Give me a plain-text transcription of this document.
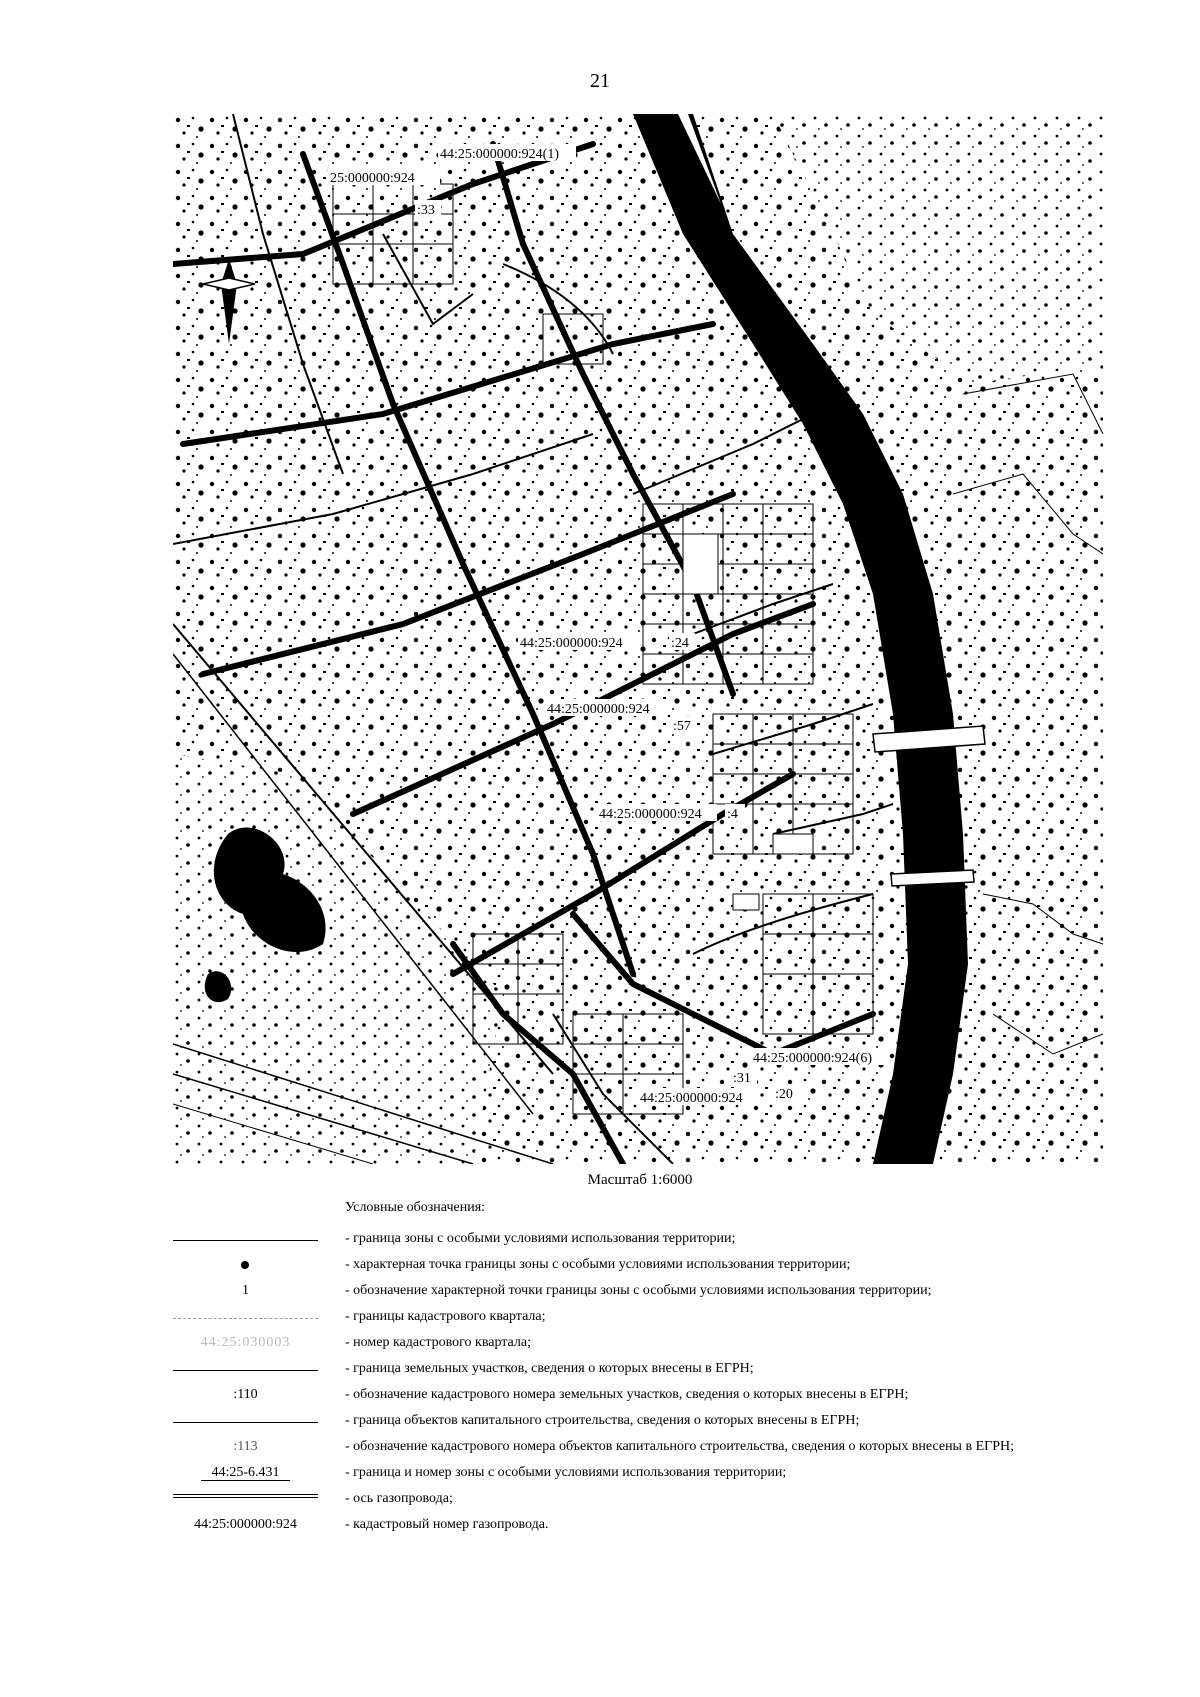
21
44:25:000000:924(1)
25:000000:924
:33
44:25:000000:924	:24
44:25:000000:924
:57
44:25:000000:924 :4
44:25:000000:924(6)
:31
44:25:000000:924 :20
Масштаб 1:6000
Условные обозначения:
- граница зоны с особыми условиями использования территории;
- характерная точка границы зоны с особыми условиями использования территории;
1	- обозначение характерной точки границы зоны с особыми условиями использования территории;
- границы кадастрового квартала;
44:25:030003	- номер кадастрового квартала;
- граница земельных участков, сведения о которых внесены в ЕГРН;
:110	- обозначение кадастрового номера земельных участков, сведения о которых внесены в ЕГРН;
- граница объектов капитального строительства, сведения о которых внесены в ЕГРН;
:113	- обозначение кадастрового номера объектов капитального строительства, сведения о которых внесены в ЕГРН;
44:25-6.431	- граница и номер зоны с особыми условиями использования территории;
- ось газопровода;
44:25:000000:924	- кадастровый номер газопровода.
